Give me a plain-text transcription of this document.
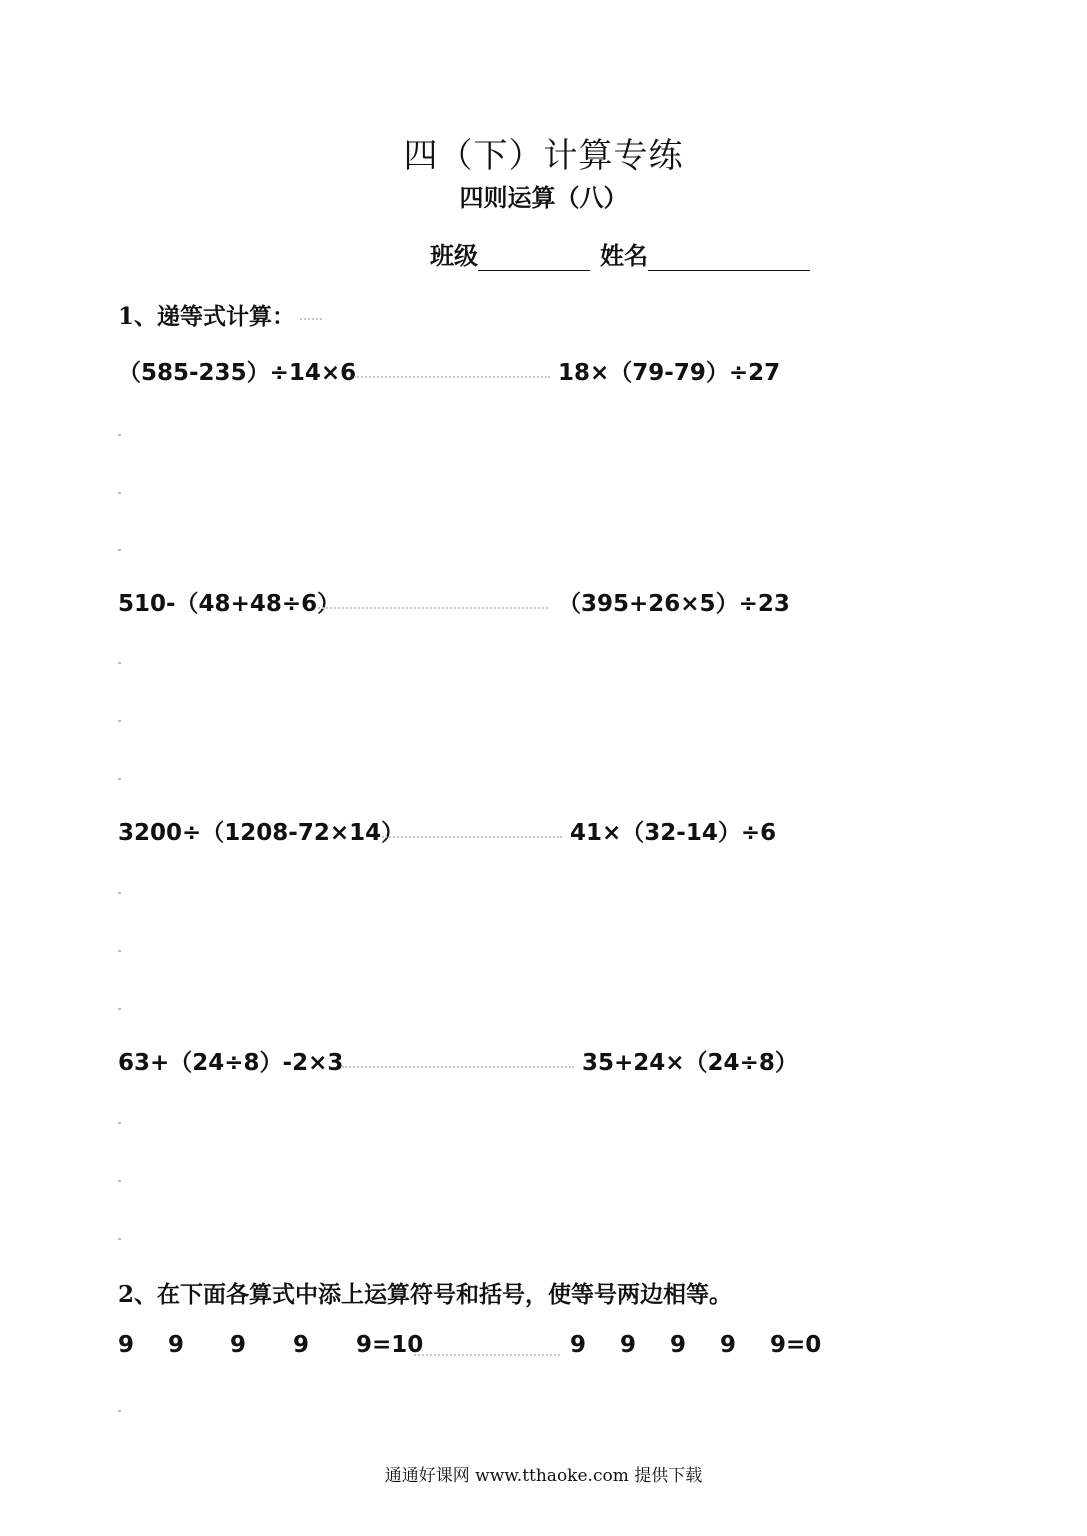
四（下）计算专练
四则运算（八）
班级	姓名
1、递等式计算：
（585-235）÷14×6	18×（79-79）÷27
510-（48+48÷6）	（395+26×5）÷23
3200÷（1208-72×14）	41×（32-14）÷6
63+（24÷8）-2×3	35+24×（24÷8）
2、在下面各算式中添上运算符号和括号，使等号两边相等。
9 9 9 9 9=10	9 9 9 9 9=0
通通好课网 www.tthaoke.com 提供下载
